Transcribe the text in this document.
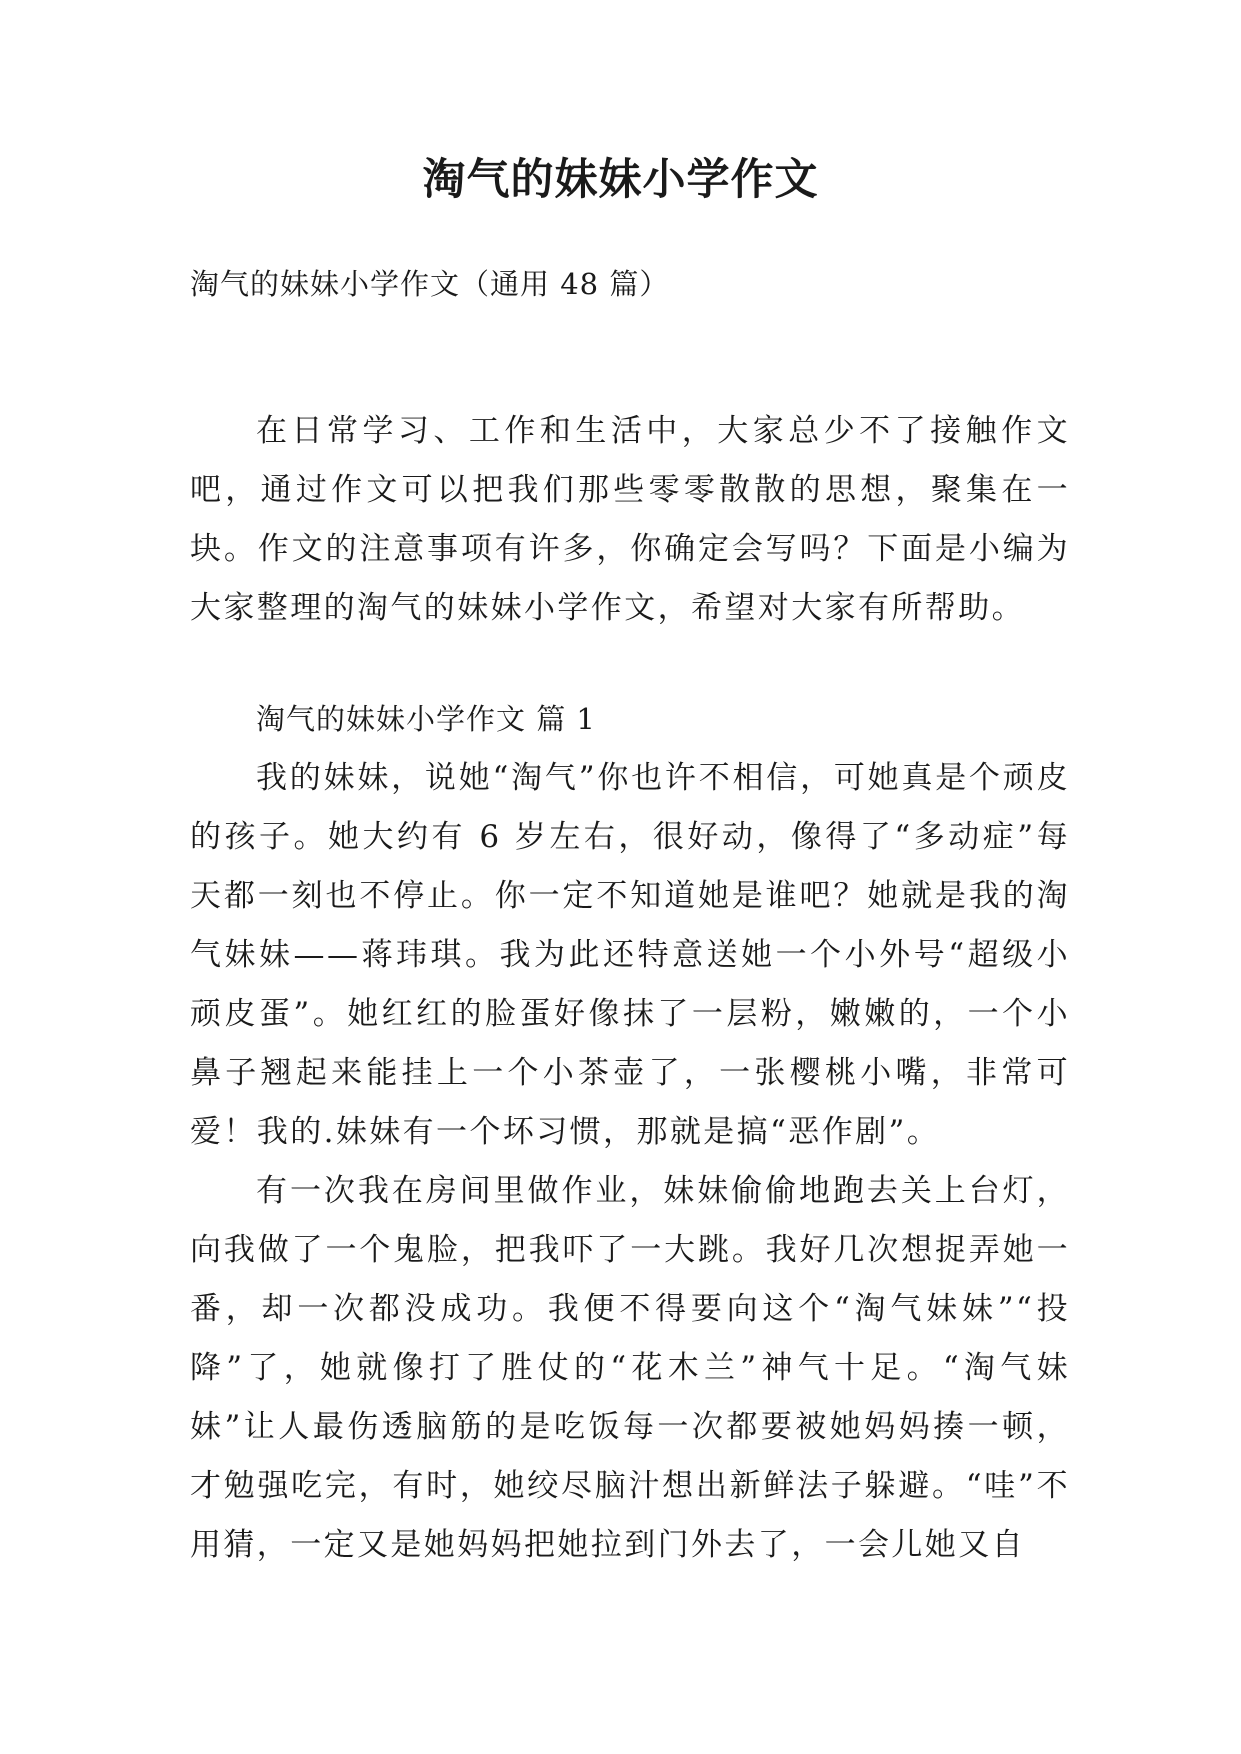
淘气的妹妹小学作文
淘气的妹妹小学作文（通用 48 篇）

在日常学习、工作和生活中，大家总少不了接触作文吧，通过作文可以把我们那些零零散散的思想，聚集在一块。作文的注意事项有许多，你确定会写吗？下面是小编为大家整理的淘气的妹妹小学作文，希望对大家有所帮助。

淘气的妹妹小学作文 篇 1

我的妹妹，说她“淘气”你也许不相信，可她真是个顽皮的孩子。她大约有 6 岁左右，很好动，像得了“多动症”每天都一刻也不停止。你一定不知道她是谁吧？她就是我的淘气妹妹——蒋玮琪。我为此还特意送她一个小外号“超级小顽皮蛋”。她红红的脸蛋好像抹了一层粉，嫩嫩的，一个小鼻子翘起来能挂上一个小茶壶了，一张樱桃小嘴，非常可爱！我的.妹妹有一个坏习惯，那就是搞“恶作剧”。

有一次我在房间里做作业，妹妹偷偷地跑去关上台灯，向我做了一个鬼脸，把我吓了一大跳。我好几次想捉弄她一番，却一次都没成功。我便不得要向这个“淘气妹妹”“投降”了，她就像打了胜仗的“花木兰”神气十足。“淘气妹妹”让人最伤透脑筋的是吃饭每一次都要被她妈妈揍一顿，才勉强吃完，有时，她绞尽脑汁想出新鲜法子躲避。“哇”不用猜，一定又是她妈妈把她拉到门外去了，一会儿她又自
